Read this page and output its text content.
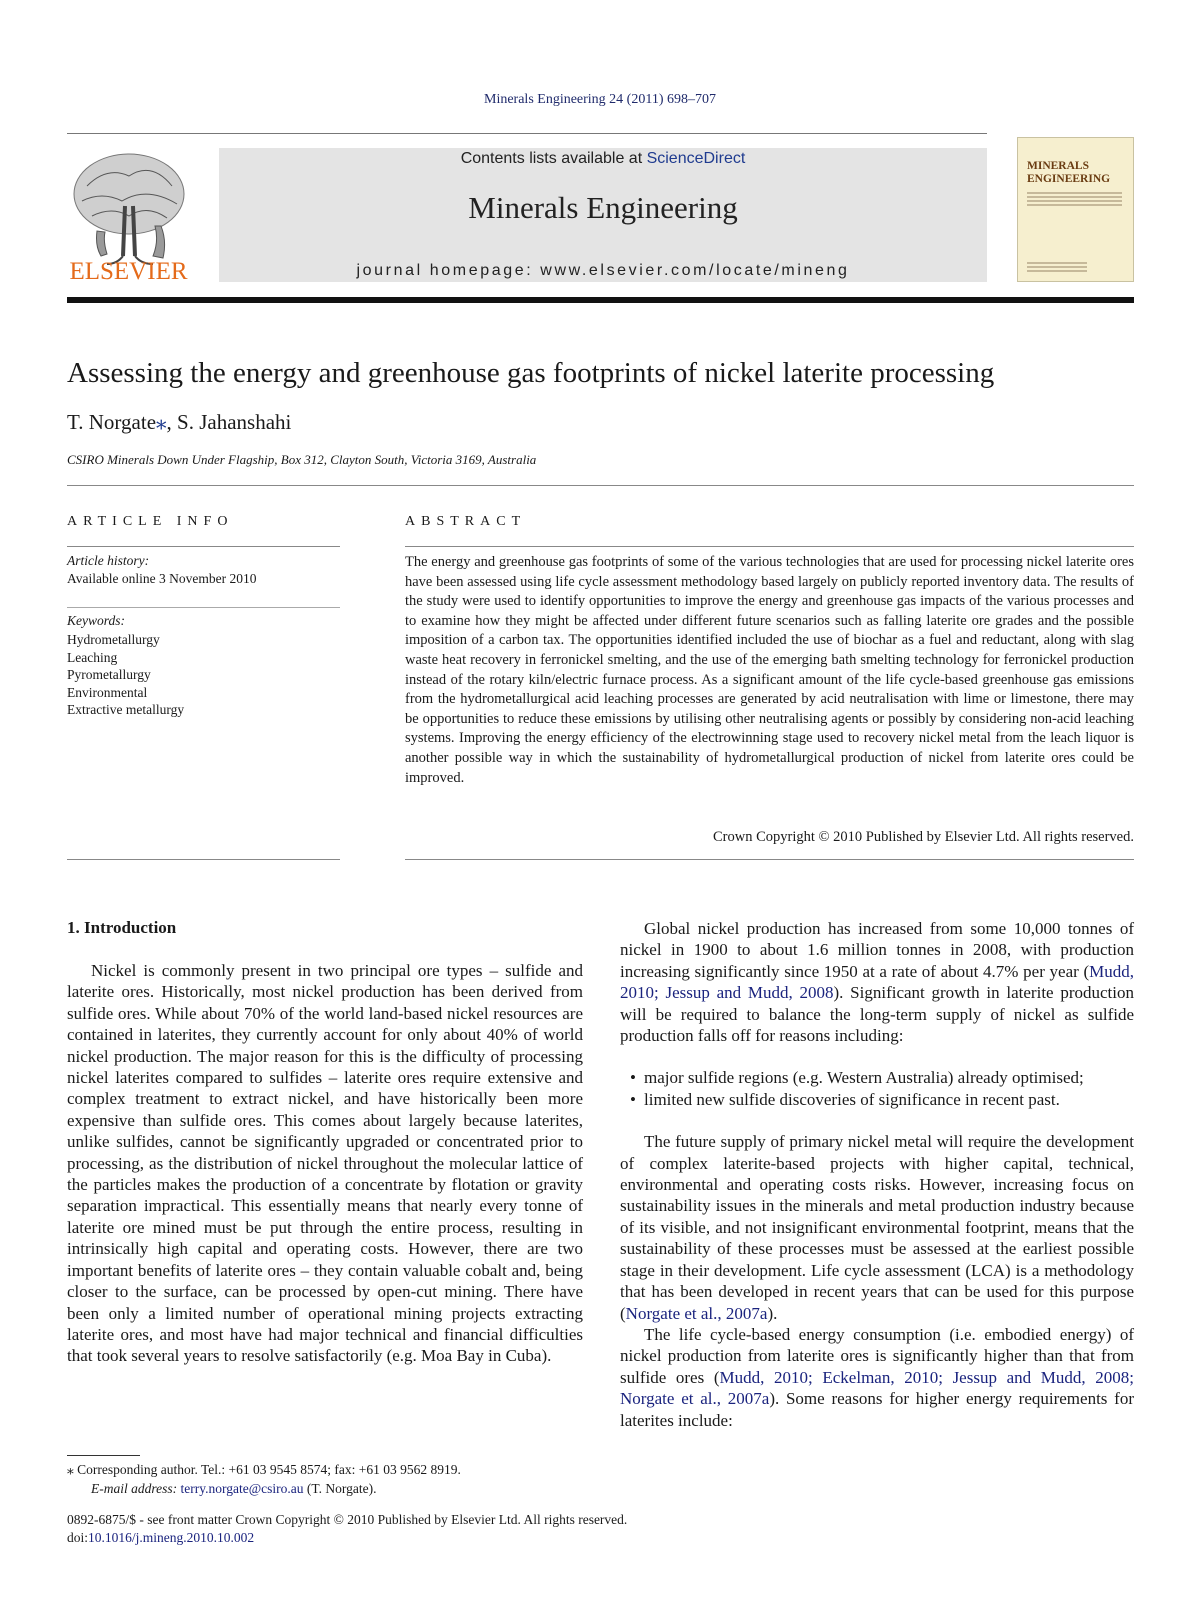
Minerals Engineering 24 (2011) 698–707
ELSEVIER
Contents lists available at ScienceDirect
Minerals Engineering
journal homepage: www.elsevier.com/locate/mineng
MINERALS ENGINEERING
Assessing the energy and greenhouse gas footprints of nickel laterite processing
T. Norgate⁎, S. Jahanshahi
CSIRO Minerals Down Under Flagship, Box 312, Clayton South, Victoria 3169, Australia
ARTICLE INFO
Article history:
Available online 3 November 2010
Keywords:
Hydrometallurgy
Leaching
Pyrometallurgy
Environmental
Extractive metallurgy
ABSTRACT
The energy and greenhouse gas footprints of some of the various technologies that are used for processing nickel laterite ores have been assessed using life cycle assessment methodology based largely on publicly reported inventory data. The results of the study were used to identify opportunities to improve the energy and greenhouse gas impacts of the various processes and to examine how they might be affected under different future scenarios such as falling laterite ore grades and the possible imposition of a carbon tax. The opportunities identified included the use of biochar as a fuel and reductant, along with slag waste heat recovery in ferronickel smelting, and the use of the emerging bath smelting technology for ferronickel production instead of the rotary kiln/electric furnace process. As a significant amount of the life cycle-based greenhouse gas emissions from the hydrometallurgical acid leaching processes are generated by acid neutralisation with lime or limestone, there may be opportunities to reduce these emissions by utilising other neutralising agents or possibly by considering non-acid leaching systems. Improving the energy efficiency of the electrowinning stage used to recovery nickel metal from the leach liquor is another possible way in which the sustainability of hydrometallurgical production of nickel from laterite ores could be improved.
Crown Copyright © 2010 Published by Elsevier Ltd. All rights reserved.
1. Introduction

Nickel is commonly present in two principal ore types – sulfide and laterite ores. Historically, most nickel production has been derived from sulfide ores. While about 70% of the world land-based nickel resources are contained in laterites, they currently account for only about 40% of world nickel production. The major reason for this is the difficulty of processing nickel laterites compared to sulfides – laterite ores require extensive and complex treatment to extract nickel, and have historically been more expensive than sulfide ores. This comes about largely because laterites, unlike sulfides, cannot be significantly upgraded or concentrated prior to processing, as the distribution of nickel throughout the molecular lattice of the particles makes the production of a concentrate by flotation or gravity separation impractical. This essentially means that nearly every tonne of laterite ore mined must be put through the entire process, resulting in intrinsically high capital and operating costs. However, there are two important benefits of laterite ores – they contain valuable cobalt and, being closer to the surface, can be processed by open-cut mining. There have been only a limited number of operational mining projects extracting laterite ores, and most have had major technical and financial difficulties that took several years to resolve satisfactorily (e.g. Moa Bay in Cuba).

Global nickel production has increased from some 10,000 tonnes of nickel in 1900 to about 1.6 million tonnes in 2008, with production increasing significantly since 1950 at a rate of about 4.7% per year (Mudd, 2010; Jessup and Mudd, 2008). Significant growth in laterite production will be required to balance the long-term supply of nickel as sulfide production falls off for reasons including:

• major sulfide regions (e.g. Western Australia) already optimised;
• limited new sulfide discoveries of significance in recent past.

The future supply of primary nickel metal will require the development of complex laterite-based projects with higher capital, technical, environmental and operating costs risks. However, increasing focus on sustainability issues in the minerals and metal production industry because of its visible, and not insignificant environmental footprint, means that the sustainability of these processes must be assessed at the earliest possible stage in their development. Life cycle assessment (LCA) is a methodology that has been developed in recent years that can be used for this purpose (Norgate et al., 2007a).

The life cycle-based energy consumption (i.e. embodied energy) of nickel production from laterite ores is significantly higher than that from sulfide ores (Mudd, 2010; Eckelman, 2010; Jessup and Mudd, 2008; Norgate et al., 2007a). Some reasons for higher energy requirements for laterites include:

⁎ Corresponding author. Tel.: +61 03 9545 8574; fax: +61 03 9562 8919.
E-mail address: terry.norgate@csiro.au (T. Norgate).
0892-6875/$ - see front matter Crown Copyright © 2010 Published by Elsevier Ltd. All rights reserved.
doi:10.1016/j.mineng.2010.10.002
